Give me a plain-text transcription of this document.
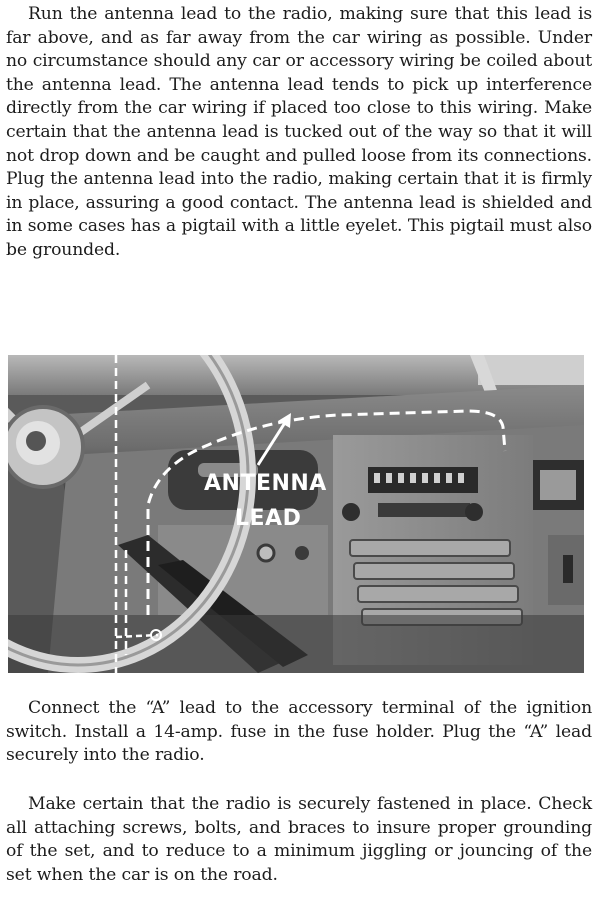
Run the antenna lead to the radio, making sure that this lead is far above, and as far away from the car wiring as possible. Under no circumstance should any car or accessory wiring be coiled about the antenna lead. The antenna lead tends to pick up interference directly from the car wiring if placed too close to this wiring. Make certain that the antenna lead is tucked out of the way so that it will not drop down and be caught and pulled loose from its connections. Plug the antenna lead into the radio, making certain that it is firmly in place, assuring a good contact. The antenna lead is shielded and in some cases has a pigtail with a little eyelet. This pigtail must also be grounded.

ANTENNA
LEAD

Connect the “A” lead to the accessory terminal of the ignition switch. Install a 14-amp. fuse in the fuse holder. Plug the “A” lead securely into the radio.

Make certain that the radio is securely fastened in place. Check all attaching screws, bolts, and braces to insure proper grounding of the set, and to reduce to a minimum jiggling or jouncing of the set when the car is on the road.
